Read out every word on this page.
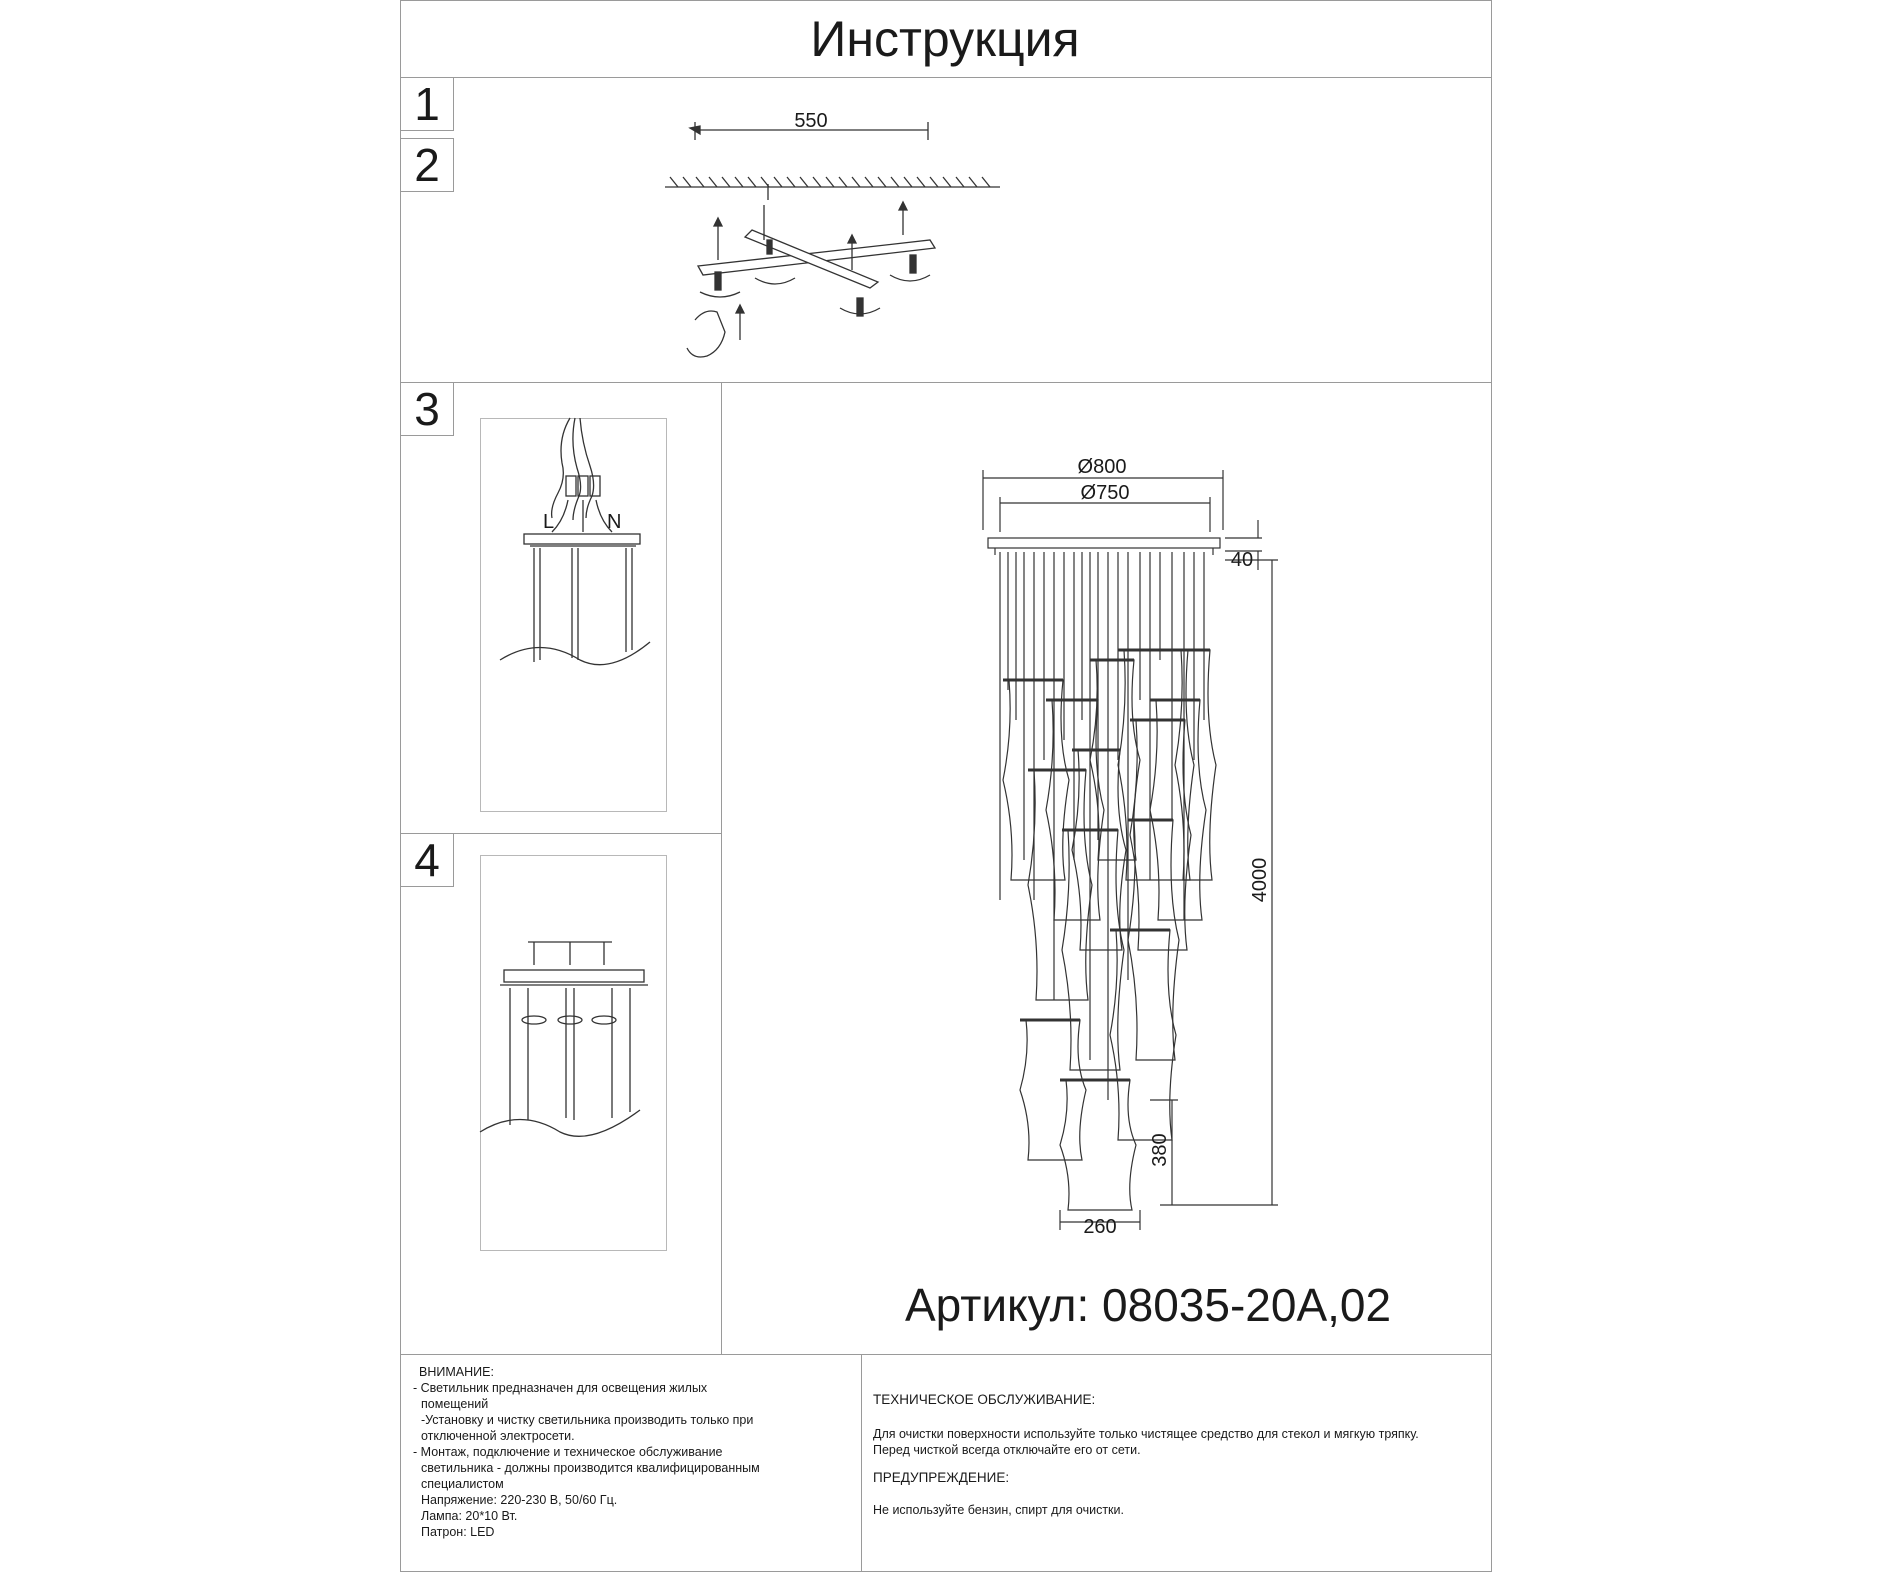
Инструкция
1
2
3
4
L	N
Ø800
Ø750
40
4000
380
260
550
Артикул: 08035-20A,02
ВНИМАНИЕ:
- Светильник предназначен для освещения жилых
помещений
-Установку и чистку светильника производить только при
отключенной электросети.
- Монтаж, подключение и техническое обслуживание
светильника - должны производится квалифицированным
специалистом
Напряжение: 220-230 В, 50/60 Гц.
Лампа: 20*10 Вт.
Патрон: LED
ТЕХНИЧЕСКОЕ ОБСЛУЖИВАНИЕ:
Для очистки поверхности используйте только чистящее средство для стекол и мягкую тряпку.
Перед чисткой всегда отключайте его от сети.
ПРЕДУПРЕЖДЕНИЕ:
Не используйте бензин, спирт для очистки.
